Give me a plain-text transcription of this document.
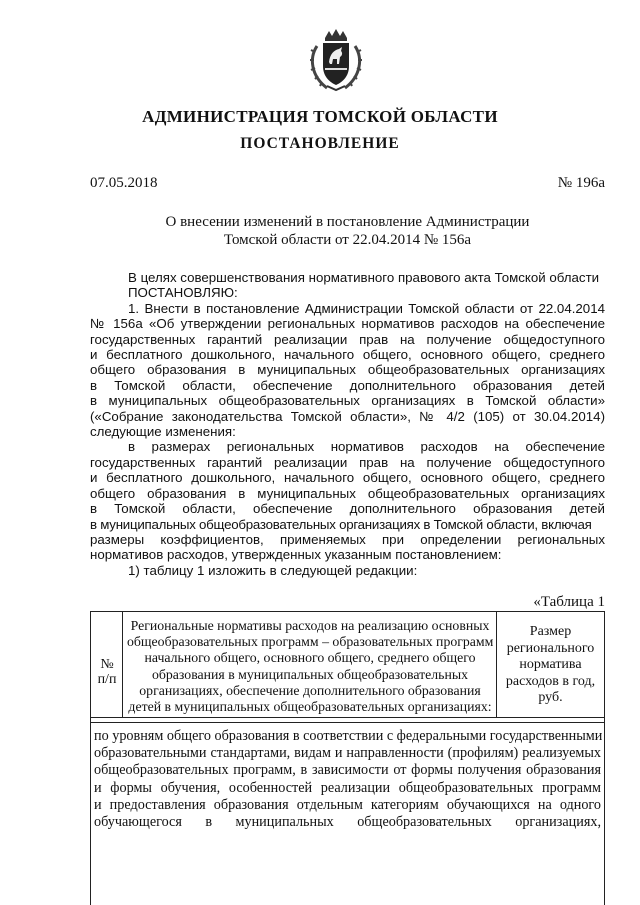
АДМИНИСТРАЦИЯ ТОМСКОЙ ОБЛАСТИ
ПОСТАНОВЛЕНИЕ
07.05.2018	№ 196а
О внесении изменений в постановление Администрации
Томской области от 22.04.2014 № 156а
В целях совершенствования нормативного правового акта Томской области
ПОСТАНОВЛЯЮ:
1. Внести в постановление Администрации Томской области от 22.04.2014
№ 156а «Об утверждении региональных нормативов расходов на обеспечение
государственных гарантий реализации прав на получение общедоступного
и бесплатного дошкольного, начального общего, основного общего, среднего
общего образования в муниципальных общеобразовательных организациях
в Томской области, обеспечение дополнительного образования детей
в муниципальных общеобразовательных организациях в Томской области»
(«Собрание законодательства Томской области», № 4/2 (105) от 30.04.2014)
следующие изменения:
в размерах региональных нормативов расходов на обеспечение
государственных гарантий реализации прав на получение общедоступного
и бесплатного дошкольного, начального общего, основного общего, среднего
общего образования в муниципальных общеобразовательных организациях
в Томской области, обеспечение дополнительного образования детей
в муниципальных общеобразовательных организациях в Томской области, включая
размеры коэффициентов, применяемых при определении региональных
нормативов расходов, утвержденных указанным постановлением:
1) таблицу 1 изложить в следующей редакции:
«Таблица 1
№
п/п
Региональные нормативы расходов на реализацию основных
общеобразовательных программ – образовательных программ
начального общего, основного общего, среднего общего
образования в муниципальных общеобразовательных
организациях, обеспечение дополнительного образования
детей в муниципальных общеобразовательных организациях:
Размер
регионального
норматива
расходов в год,
руб.
по уровням общего образования в соответствии с федеральными государственными
образовательными стандартами, видам и направленности (профилям) реализуемых
общеобразовательных программ, в зависимости от формы получения образования
и формы обучения, особенностей реализации общеобразовательных программ
и предоставления образования отдельным категориям обучающихся на одного
обучающегося в муниципальных общеобразовательных организациях,
